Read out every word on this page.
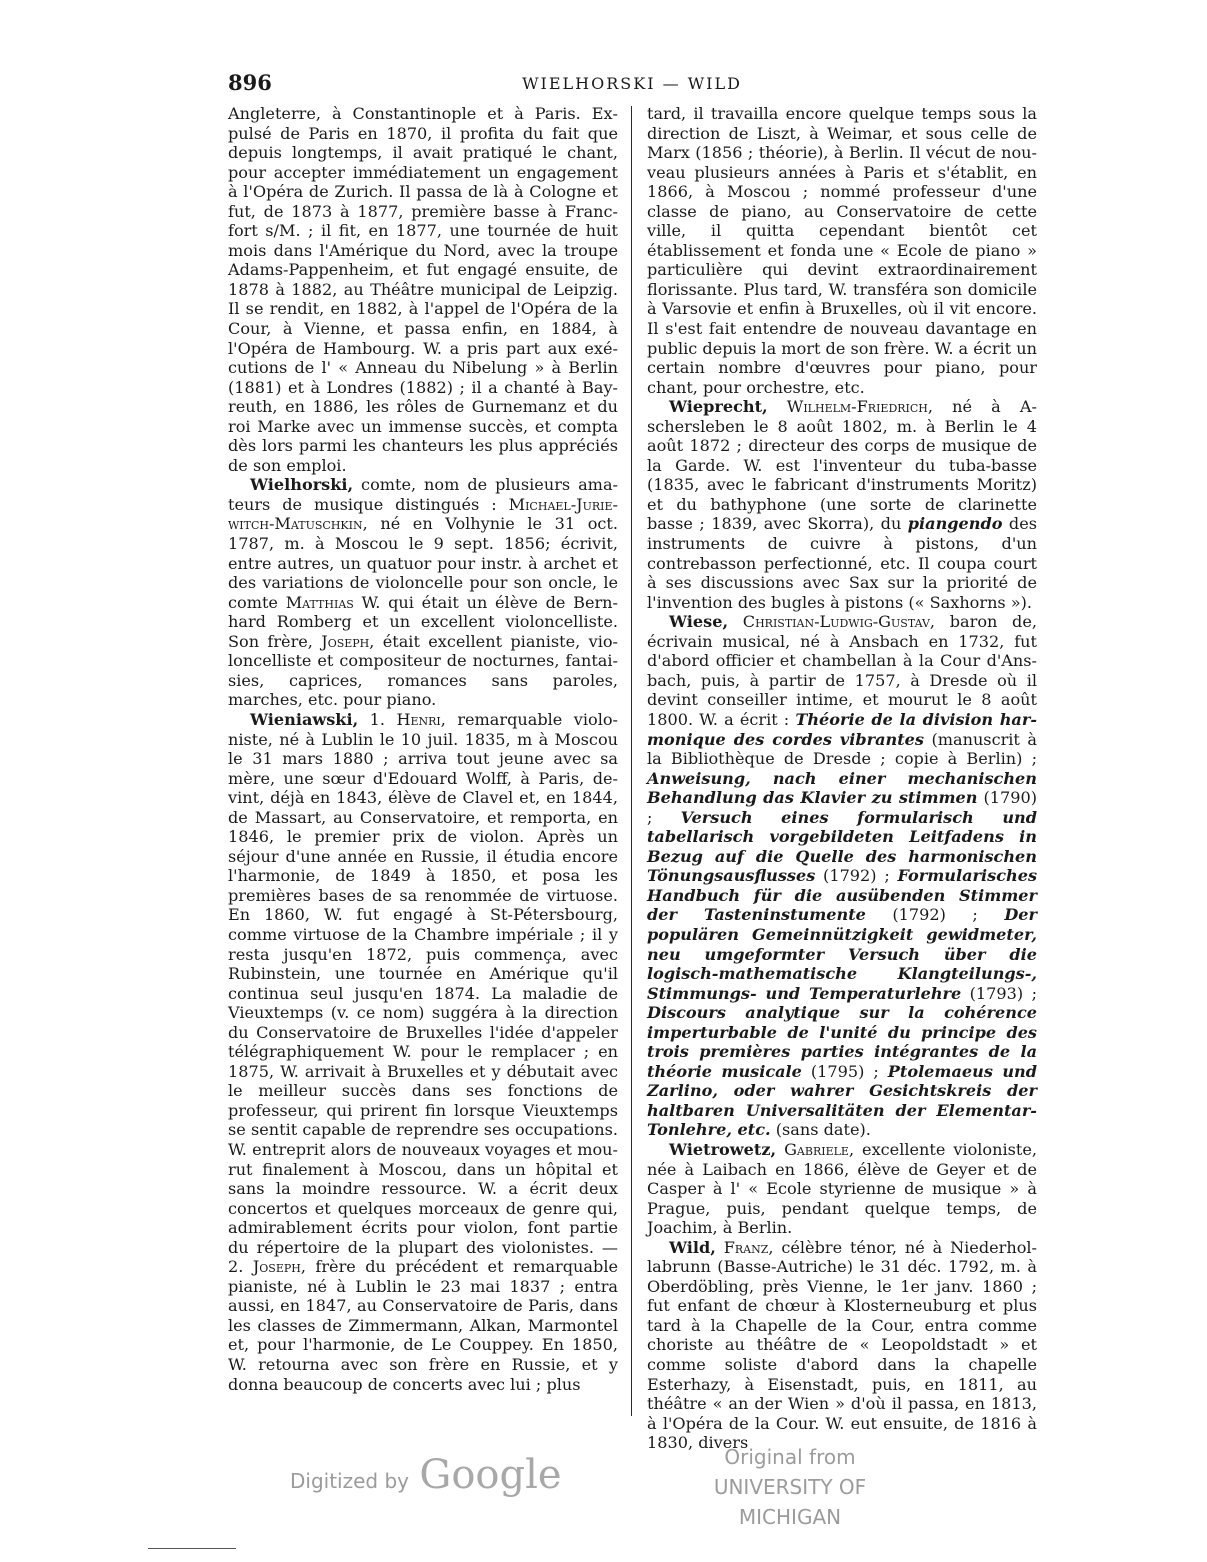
896	WIELHORSKI — WILD

Angleterre, à Constantinople et à Paris. Expulsé de Paris en 1870, il profita du fait que depuis longtemps, il avait pratiqué le chant, pour accepter immédiatement un engagement à l'Opéra de Zurich. Il passa de là à Cologne et fut, de 1873 à 1877, première basse à Francfort s/M. ; il fit, en 1877, une tournée de huit mois dans l'Amérique du Nord, avec la troupe Adams-Pappenheim, et fut engagé ensuite, de 1878 à 1882, au Théâtre municipal de Leipzig. Il se rendit, en 1882, à l'appel de l'Opéra de la Cour, à Vienne, et passa enfin, en 1884, à l'Opéra de Hambourg. W. a pris part aux exécutions de l' « Anneau du Nibelung » à Berlin (1881) et à Londres (1882) ; il a chanté à Bayreuth, en 1886, les rôles de Gurnemanz et du roi Marke avec un immense succès, et compta dès lors parmi les chanteurs les plus appréciés de son emploi.

Wielhorski, comte, nom de plusieurs amateurs de musique distingués : Michael-Juriewitch-Matuschkin, né en Volhynie le 31 oct. 1787, m. à Moscou le 9 sept. 1856; écrivit, entre autres, un quatuor pour instr. à archet et des variations de violoncelle pour son oncle, le comte Matthias W. qui était un élève de Bernhard Romberg et un excellent violoncelliste. Son frère, Joseph, était excellent pianiste, violoncelliste et compositeur de nocturnes, fantaisies, caprices, romances sans paroles, marches, etc. pour piano.

Wieniawski, 1. Henri, remarquable violoniste, né à Lublin le 10 juil. 1835, m à Moscou le 31 mars 1880 ; arriva tout jeune avec sa mère, une sœur d'Edouard Wolff, à Paris, devint, déjà en 1843, élève de Clavel et, en 1844, de Massart, au Conservatoire, et remporta, en 1846, le premier prix de violon. Après un séjour d'une année en Russie, il étudia encore l'harmonie, de 1849 à 1850, et posa les premières bases de sa renommée de virtuose. En 1860, W. fut engagé à St-Pétersbourg, comme virtuose de la Chambre impériale ; il y resta jusqu'en 1872, puis commença, avec Rubinstein, une tournée en Amérique qu'il continua seul jusqu'en 1874. La maladie de Vieuxtemps (v. ce nom) suggéra à la direction du Conservatoire de Bruxelles l'idée d'appeler télégraphiquement W. pour le remplacer ; en 1875, W. arrivait à Bruxelles et y débutait avec le meilleur succès dans ses fonctions de professeur, qui prirent fin lorsque Vieuxtemps se sentit capable de reprendre ses occupations. W. entreprit alors de nouveaux voyages et mourut finalement à Moscou, dans un hôpital et sans la moindre ressource. W. a écrit deux concertos et quelques morceaux de genre qui, admirablement écrits pour violon, font partie du répertoire de la plupart des violonistes. — 2. Joseph, frère du précédent et remarquable pianiste, né à Lublin le 23 mai 1837 ; entra aussi, en 1847, au Conservatoire de Paris, dans les classes de Zimmermann, Alkan, Marmontel et, pour l'harmonie, de Le Couppey. En 1850, W. retourna avec son frère en Russie, et y donna beaucoup de concerts avec lui ; plus

tard, il travailla encore quelque temps sous la direction de Liszt, à Weimar, et sous celle de Marx (1856 ; théorie), à Berlin. Il vécut de nouveau plusieurs années à Paris et s'établit, en 1866, à Moscou ; nommé professeur d'une classe de piano, au Conservatoire de cette ville, il quitta cependant bientôt cet établissement et fonda une « Ecole de piano » particulière qui devint extraordinairement florissante. Plus tard, W. transféra son domicile à Varsovie et enfin à Bruxelles, où il vit encore. Il s'est fait entendre de nouveau davantage en public depuis la mort de son frère. W. a écrit un certain nombre d'œuvres pour piano, pour chant, pour orchestre, etc.

Wieprecht, Wilhelm-Friedrich, né à Aschersleben le 8 août 1802, m. à Berlin le 4 août 1872 ; directeur des corps de musique de la Garde. W. est l'inventeur du tuba-basse (1835, avec le fabricant d'instruments Moritz) et du bathyphone (une sorte de clarinette basse ; 1839, avec Skorra), du piangendo des instruments de cuivre à pistons, d'un contrebasson perfectionné, etc. Il coupa court à ses discussions avec Sax sur la priorité de l'invention des bugles à pistons (« Saxhorns »).

Wiese, Christian-Ludwig-Gustav, baron de, écrivain musical, né à Ansbach en 1732, fut d'abord officier et chambellan à la Cour d'Ansbach, puis, à partir de 1757, à Dresde où il devint conseiller intime, et mourut le 8 août 1800. W. a écrit : Théorie de la division harmonique des cordes vibrantes (manuscrit à la Bibliothèque de Dresde ; copie à Berlin) ; Anweisung, nach einer mechanischen Behandlung das Klavier zu stimmen (1790) ; Versuch eines formularisch und tabellarisch vorgebildeten Leitfadens in Bezug auf die Quelle des harmonischen Tönungsausflusses (1792) ; Formularisches Handbuch für die ausübenden Stimmer der Tasteninstumente (1792) ; Der populären Gemeinnützigkeit gewidmeter, neu umgeformter Versuch über die logisch-mathematische Klangteilungs-, Stimmungs- und Temperaturlehre (1793) ; Discours analytique sur la cohérence imperturbable de l'unité du principe des trois premières parties intégrantes de la théorie musicale (1795) ; Ptolemaeus und Zarlino, oder wahrer Gesichtskreis der haltbaren Universalitäten der Elementar-Tonlehre, etc. (sans date).

Wietrowetz, Gabriele, excellente violoniste, née à Laibach en 1866, élève de Geyer et de Casper à l' « Ecole styrienne de musique » à Prague, puis, pendant quelque temps, de Joachim, à Berlin.

Wild, Franz, célèbre ténor, né à Niederhollabrunn (Basse-Autriche) le 31 déc. 1792, m. à Oberdöbling, près Vienne, le 1er janv. 1860 ; fut enfant de chœur à Klosterneuburg et plus tard à la Chapelle de la Cour, entra comme choriste au théâtre de « Leopoldstadt » et comme soliste d'abord dans la chapelle Esterhazy, à Eisenstadt, puis, en 1811, au théâtre « an der Wien » d'où il passa, en 1813, à l'Opéra de la Cour. W. eut ensuite, de 1816 à 1830, divers

Digitized by Google	Original from
UNIVERSITY OF MICHIGAN
